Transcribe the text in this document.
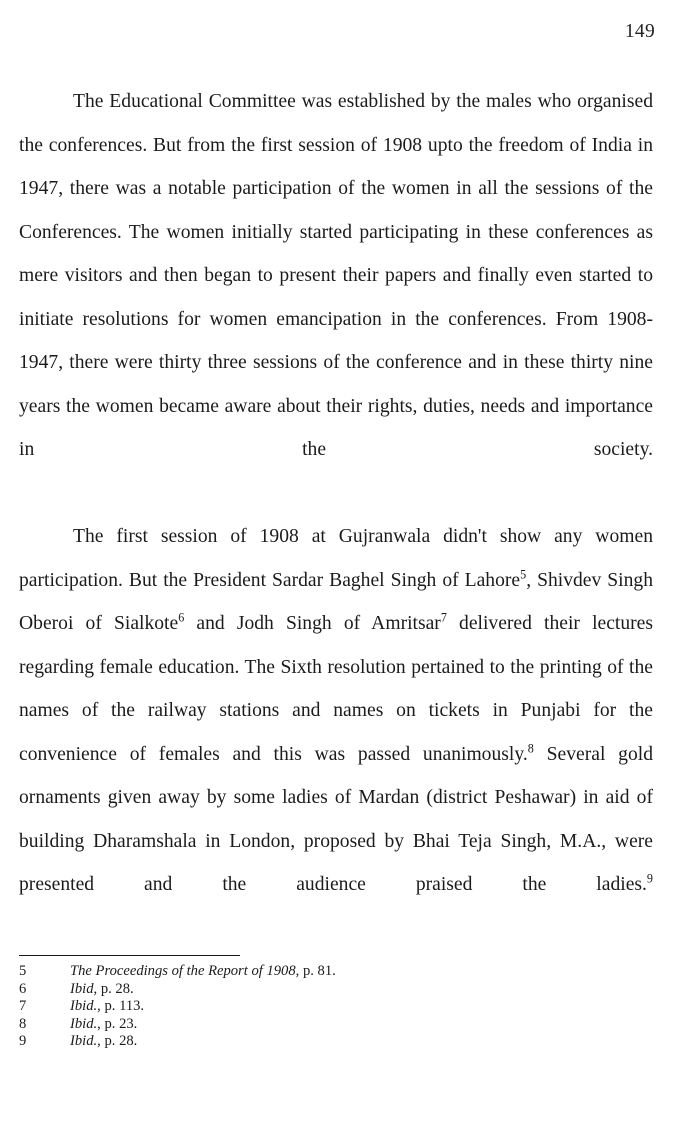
149

The Educational Committee was established by the males who organised the conferences. But from the first session of 1908 upto the freedom of India in 1947, there was a notable participation of the women in all the sessions of the Conferences. The women initially started participating in these conferences as mere visitors and then began to present their papers and finally even started to initiate resolutions for women emancipation in the conferences. From 1908-1947, there were thirty three sessions of the conference and in these thirty nine years the women became aware about their rights, duties, needs and importance in the society.

The first session of 1908 at Gujranwala didn't show any women participation. But the President Sardar Baghel Singh of Lahore$^5$, Shivdev Singh Oberoi of Sialkote$^6$ and Jodh Singh of Amritsar$^7$ delivered their lectures regarding female education. The Sixth resolution pertained to the printing of the names of the railway stations and names on tickets in Punjabi for the convenience of females and this was passed unanimously.$^8$ Several gold ornaments given away by some ladies of Mardan (district Peshawar) in aid of building Dharamshala in London, proposed by Bhai Teja Singh, M.A., were presented and the audience praised the ladies.$^9$

5	The Proceedings of the Report of 1908, p. 81.
6	Ibid, p. 28.
7	Ibid., p. 113.
8	Ibid., p. 23.
9	Ibid., p. 28.
